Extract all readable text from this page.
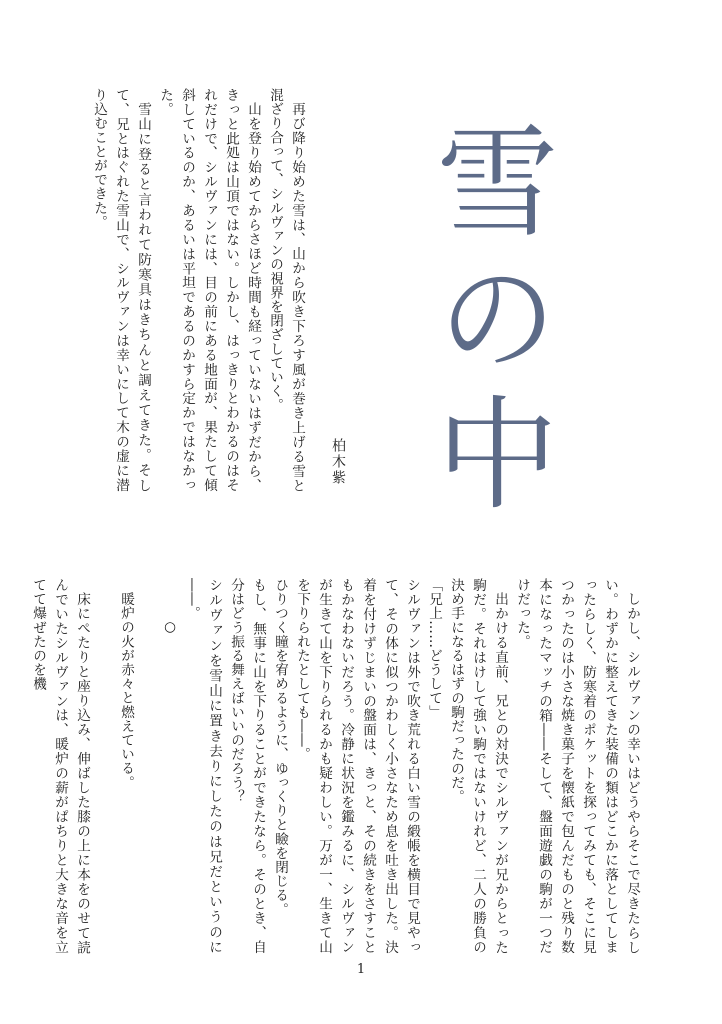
再び降り始めた雪は、山から吹き下ろす風が巻き上げる雪と混ざり合って、シルヴァンの視界を閉ざしていく。

山を登り始めてからさほど時間も経っていないはずだから、きっと此処は山頂ではない。しかし、はっきりとわかるのはそれだけで、シルヴァンには、目の前にある地面が、果たして傾斜しているのか、あるいは平坦であるのかすら定かではなかった。

雪山に登ると言われて防寒具はきちんと調えてきた。そして、兄とはぐれた雪山で、シルヴァンは幸いにして木の虚に潜り込むことができた。	雪の中
柏木紫

しかし、シルヴァンの幸いはどうやらそこで尽きたらしい。わずかに整えてきた装備の類はどこかに落としてしまったらしく、防寒着のポケットを探ってみても、そこに見つかったのは小さな焼き菓子を懐紙で包んだものと残り数本になったマッチの箱――そして、盤面遊戯の駒が一つだけだった。

出かける直前、兄との対決でシルヴァンが兄からとった駒だ。それはけして強い駒ではないけれど、二人の勝負の決め手になるはずの駒だったのだ。

「兄上……どうして」

シルヴァンは外で吹き荒れる白い雪の緞帳を横目で見やって、その体に似つかわしく小さなため息を吐き出した。決着を付けずじまいの盤面は、きっと、その続きをさすこともかなわないだろう。冷静に状況を鑑みるに、シルヴァンが生きて山を下りられるかも疑わしい。万が一、生きて山を下りられたとしても――。

ひりつく瞳を宥めるように、ゆっくりと瞼を閉じる。

もし、無事に山を下りることができたなら。そのとき、自分はどう振る舞えばいいのだろう？

シルヴァンを雪山に置き去りにしたのは兄だというのに――。

○

暖炉の火が赤々と燃えている。

床にぺたりと座り込み、伸ばした膝の上に本をのせて読んでいたシルヴァンは、暖炉の薪がぱちりと大きな音を立てて爆ぜたのを機

1
